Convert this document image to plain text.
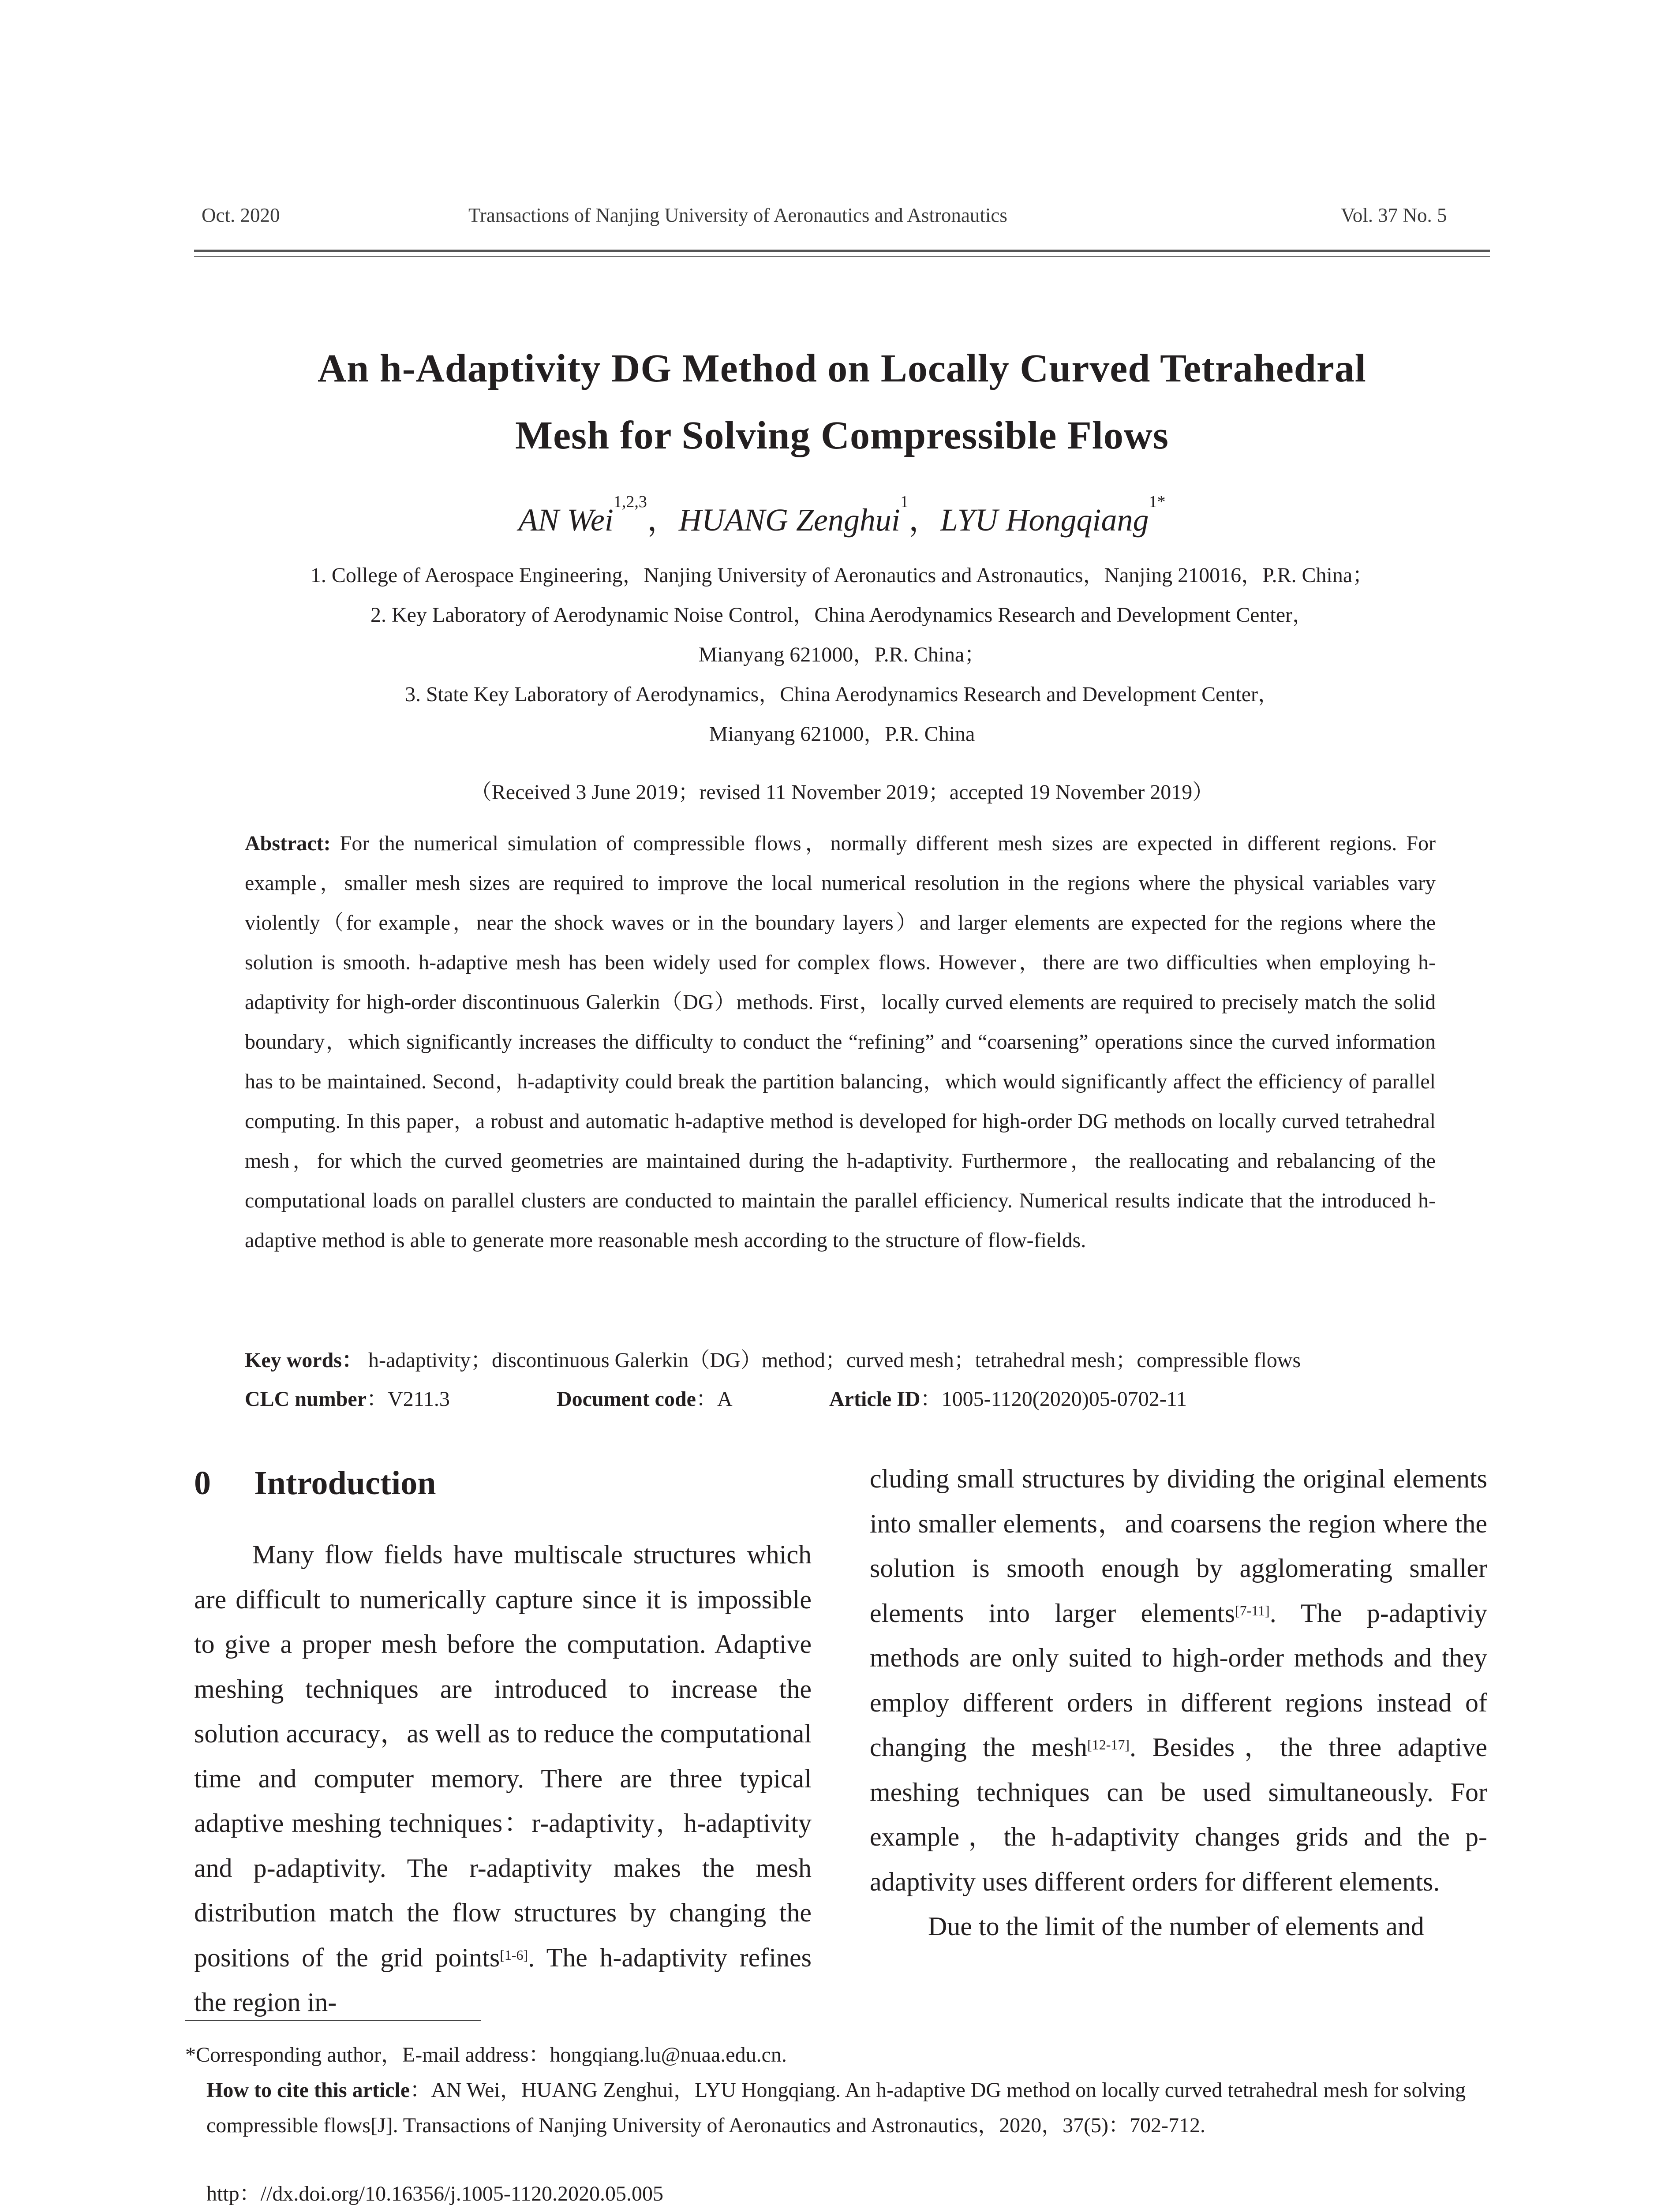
Oct. 2020	Transactions of Nanjing University of Aeronautics and Astronautics	Vol. 37 No. 5
An h-Adaptivity DG Method on Locally Curved Tetrahedral
Mesh for Solving Compressible Flows
AN Wei$^{1,2,3}$，HUANG Zenghui$^1$，LYU Hongqiang$^{1*}$
1. College of Aerospace Engineering，Nanjing University of Aeronautics and Astronautics，Nanjing 210016，P.R. China；
2. Key Laboratory of Aerodynamic Noise Control，China Aerodynamics Research and Development Center，
Mianyang 621000，P.R. China；
3. State Key Laboratory of Aerodynamics，China Aerodynamics Research and Development Center，
Mianyang 621000，P.R. China
（Received 3 June 2019；revised 11 November 2019；accepted 19 November 2019）
Abstract: For the numerical simulation of compressible flows，normally different mesh sizes are expected in different regions. For example，smaller mesh sizes are required to improve the local numerical resolution in the regions where the physical variables vary violently（for example，near the shock waves or in the boundary layers）and larger elements are expected for the regions where the solution is smooth. h-adaptive mesh has been widely used for complex flows. However，there are two difficulties when employing h-adaptivity for high-order discontinuous Galerkin（DG）methods. First，locally curved elements are required to precisely match the solid boundary，which significantly increases the difficulty to conduct the “refining” and “coarsening” operations since the curved information has to be maintained. Second，h-adaptivity could break the partition balancing，which would significantly affect the efficiency of parallel computing. In this paper，a robust and automatic h-adaptive method is developed for high-order DG methods on locally curved tetrahedral mesh，for which the curved geometries are maintained during the h-adaptivity. Furthermore，the reallocating and rebalancing of the computational loads on parallel clusters are conducted to maintain the parallel efficiency. Numerical results indicate that the introduced h-adaptive method is able to generate more reasonable mesh according to the structure of flow-fields.
Key words： h-adaptivity；discontinuous Galerkin（DG）method；curved mesh；tetrahedral mesh；compressible flows
CLC number：V211.3	Document code：A	Article ID：1005-1120(2020)05-0702-11
0 Introduction

Many flow fields have multiscale structures which are difficult to numerically capture since it is impossible to give a proper mesh before the computation. Adaptive meshing techniques are introduced to increase the solution accuracy，as well as to reduce the computational time and computer memory. There are three typical adaptive meshing techniques：r-adaptivity，h-adaptivity and p-adaptivity. The r-adaptivity makes the mesh distribution match the flow structures by changing the positions of the grid points[1-6]. The h-adaptivity refines the region in-

cluding small structures by dividing the original elements into smaller elements，and coarsens the region where the solution is smooth enough by agglomerating smaller elements into larger elements[7-11]. The p-adaptiviy methods are only suited to high-order methods and they employ different orders in different regions instead of changing the mesh[12-17]. Besides，the three adaptive meshing techniques can be used simultaneously. For example，the h-adaptivity changes grids and the p-adaptivity uses different orders for different elements.

Due to the limit of the number of elements and

*Corresponding author，E-mail address：hongqiang.lu@nuaa.edu.cn.
How to cite this article：AN Wei，HUANG Zenghui，LYU Hongqiang. An h-adaptive DG method on locally curved tetrahedral mesh for solving compressible flows[J]. Transactions of Nanjing University of Aeronautics and Astronautics，2020，37(5)：702-712.
http：//dx.doi.org/10.16356/j.1005-1120.2020.05.005
